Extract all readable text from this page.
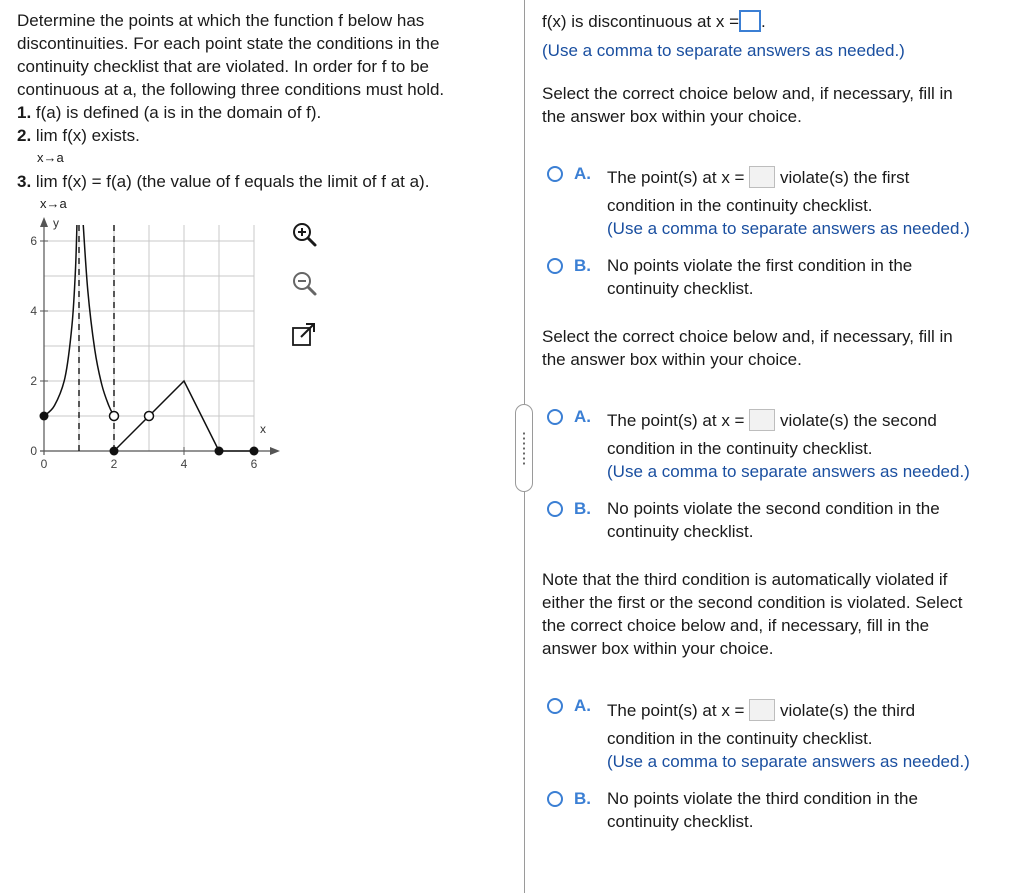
Determine the points at which the function f below has
discontinuities. For each point state the conditions in the
continuity checklist that are violated. In order for f to be
continuous at a, the following three conditions must hold.
1. f(a) is defined (a is in the domain of f).
2. lim f(x) exists.
x→a
3. lim f(x) = f(a) (the value of f equals the limit of f at a).
x→a
0	2	4	6
0
2
4
6
x
y
f(x) is discontinuous at x = .
(Use a comma to separate answers as needed.)
Select the correct choice below and, if necessary, fill in
the answer box within your choice.
A. The point(s) at x = violate(s) the first
condition in the continuity checklist.
(Use a comma to separate answers as needed.)
B. No points violate the first condition in the
continuity checklist.
Select the correct choice below and, if necessary, fill in
the answer box within your choice.
A. The point(s) at x = violate(s) the second
condition in the continuity checklist.
(Use a comma to separate answers as needed.)
B. No points violate the second condition in the
continuity checklist.
Note that the third condition is automatically violated if
either the first or the second condition is violated. Select
the correct choice below and, if necessary, fill in the
answer box within your choice.
A. The point(s) at x = violate(s) the third
condition in the continuity checklist.
(Use a comma to separate answers as needed.)
B. No points violate the third condition in the
continuity checklist.
